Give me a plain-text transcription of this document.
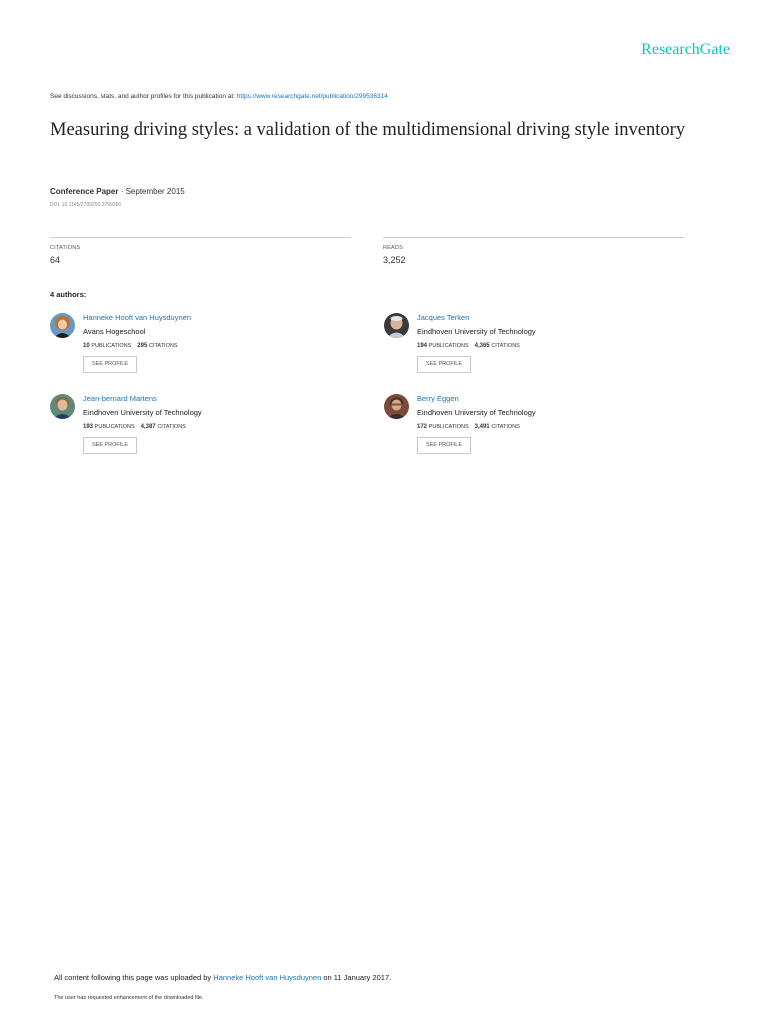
ResearchGate
See discussions, stats, and author profiles for this publication at: https://www.researchgate.net/publication/299536314
Measuring driving styles: a validation of the multidimensional driving style inventory
Conference Paper · September 2015
DOI: 10.1145/2799250.2799266
CITATIONS
64
READS
3,252
4 authors:
Hanneke Hooft van Huysduynen
Avans Hogeschool
10 PUBLICATIONS 295 CITATIONS
SEE PROFILE
Jacques Terken
Eindhoven University of Technology
194 PUBLICATIONS 4,365 CITATIONS
SEE PROFILE
Jean-bernard Martens
Eindhoven University of Technology
193 PUBLICATIONS 4,387 CITATIONS
SEE PROFILE
Berry Eggen
Eindhoven University of Technology
172 PUBLICATIONS 3,491 CITATIONS
SEE PROFILE
All content following this page was uploaded by Hanneke Hooft van Huysduynen on 11 January 2017.
The user has requested enhancement of the downloaded file.
